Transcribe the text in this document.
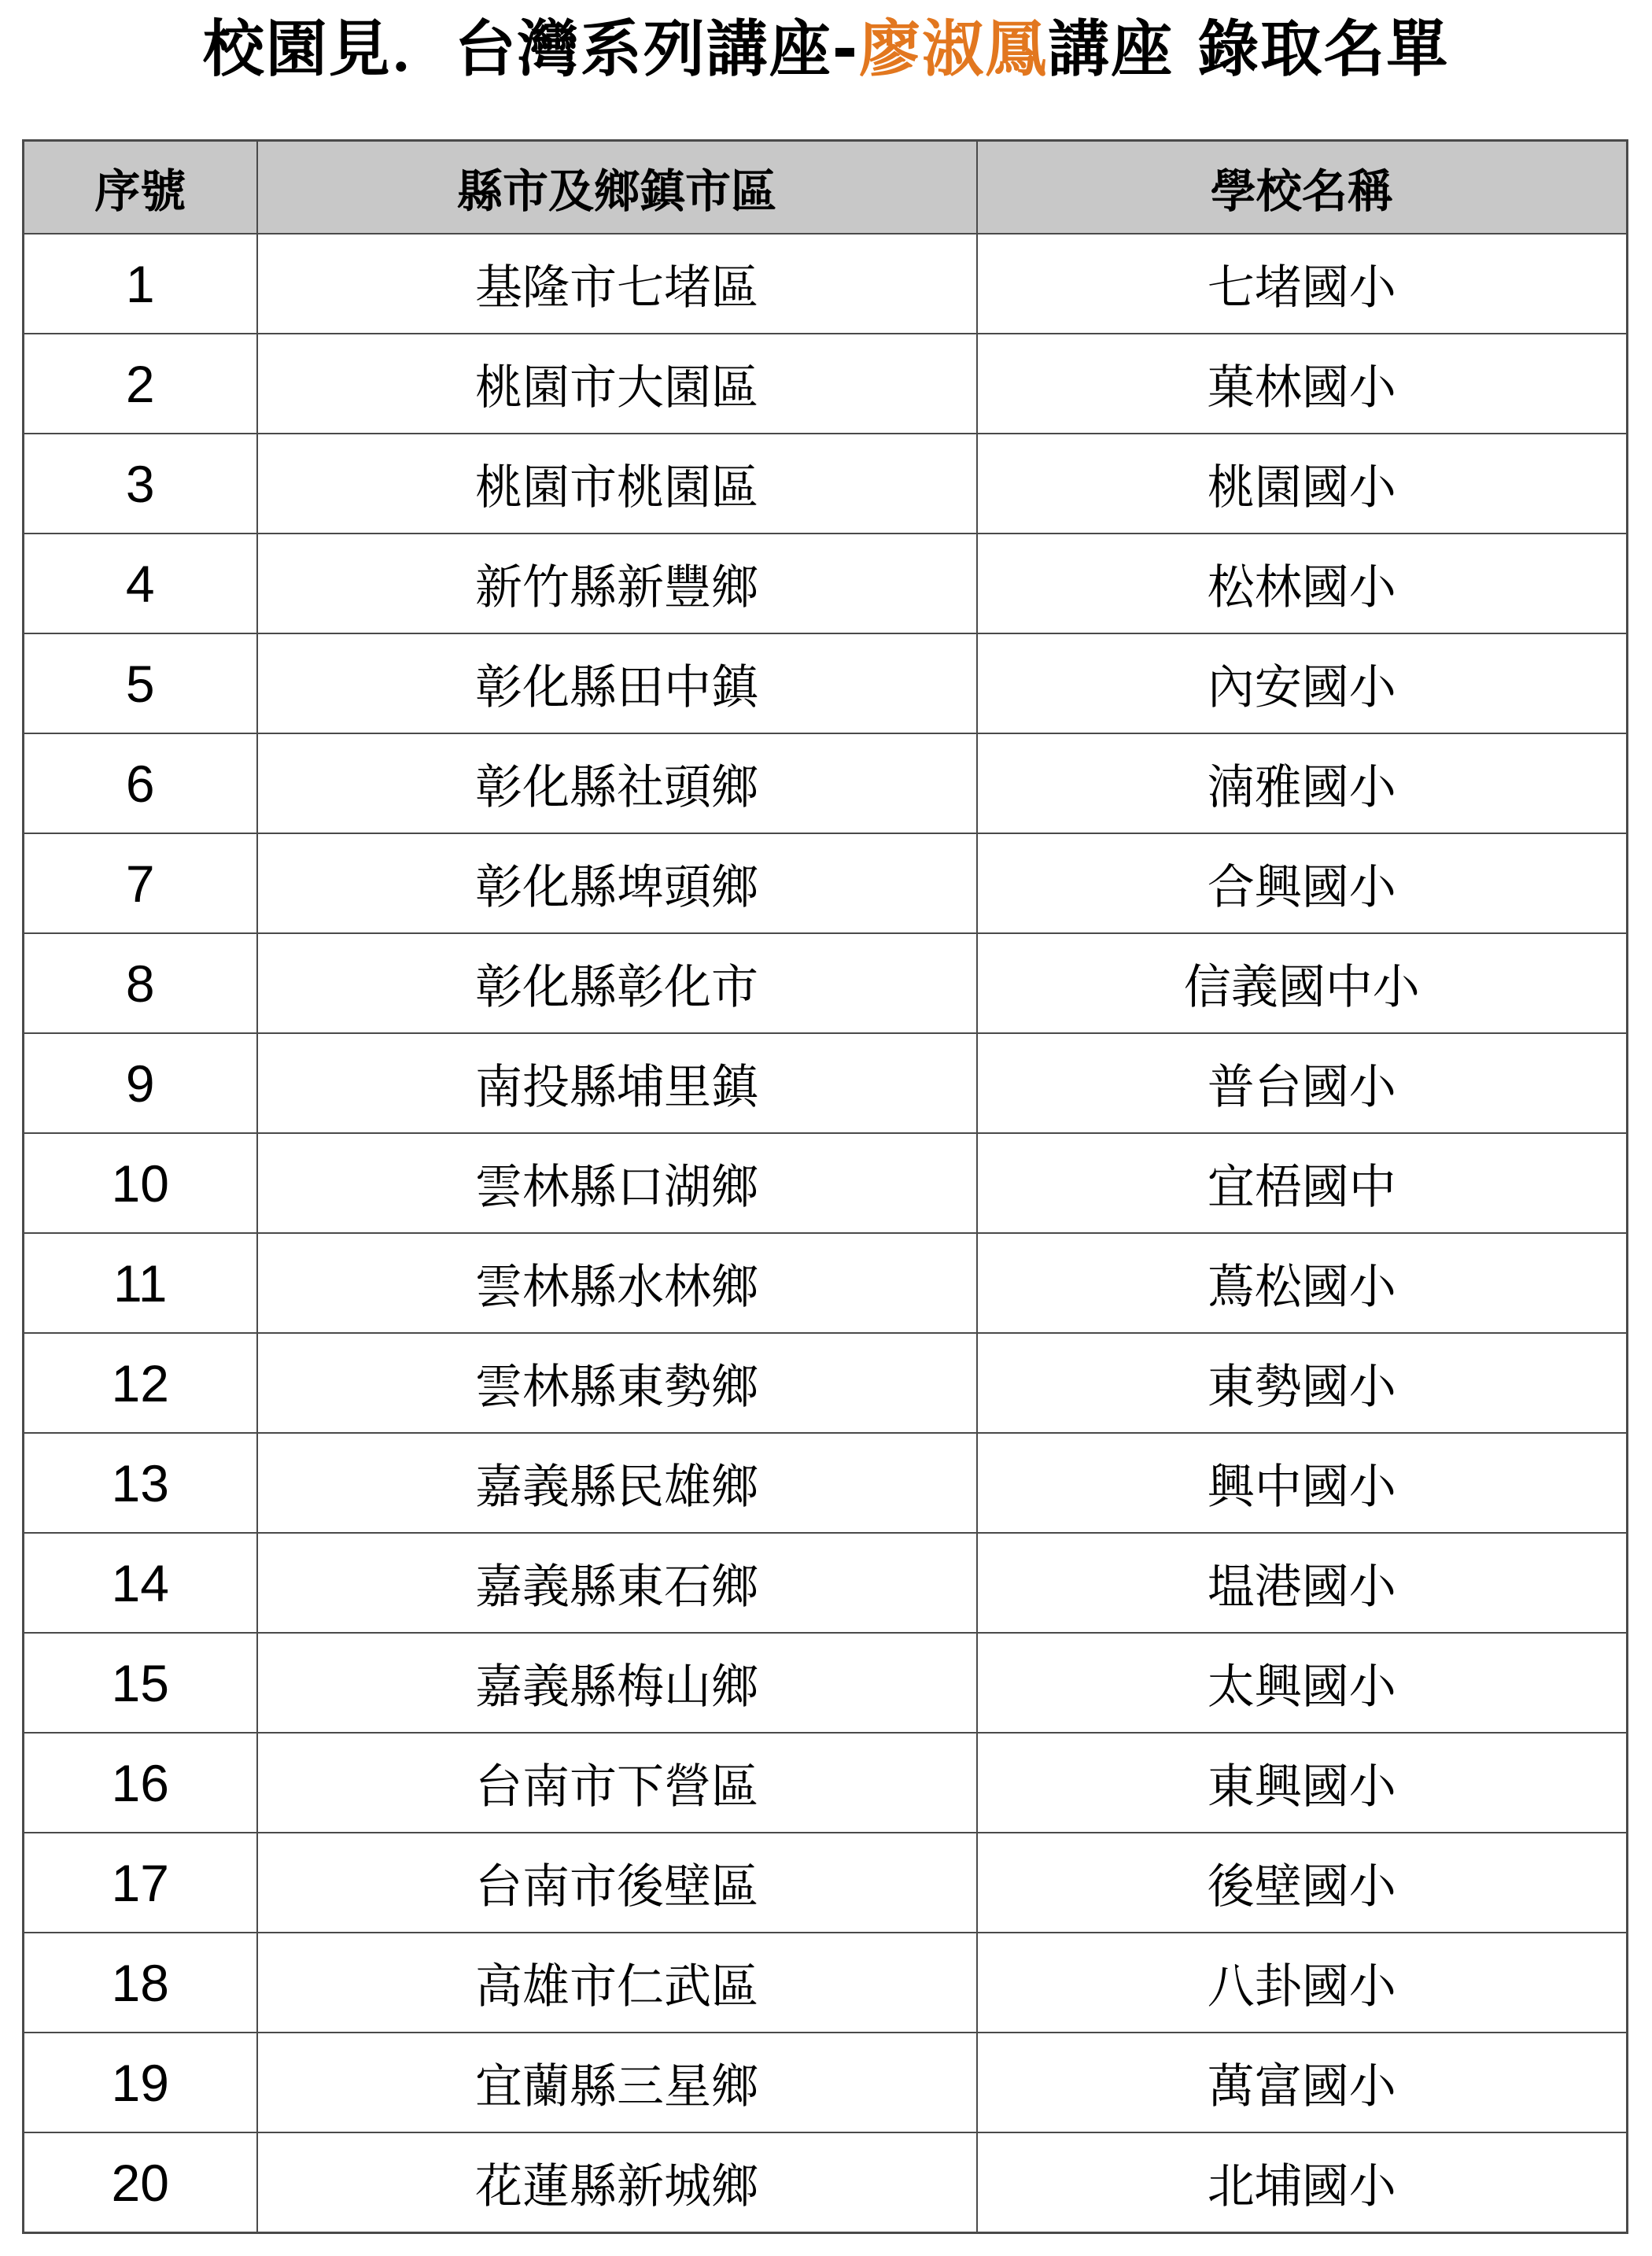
校園見．台灣系列講座-廖淑鳳講座 錄取名單
序號	縣市及鄉鎮市區	學校名稱
1	基隆市七堵區	七堵國小
2	桃園市大園區	菓林國小
3	桃園市桃園區	桃園國小
4	新竹縣新豐鄉	松林國小
5	彰化縣田中鎮	內安國小
6	彰化縣社頭鄉	湳雅國小
7	彰化縣埤頭鄉	合興國小
8	彰化縣彰化市	信義國中小
9	南投縣埔里鎮	普台國小
10	雲林縣口湖鄉	宜梧國中
11	雲林縣水林鄉	蔦松國小
12	雲林縣東勢鄉	東勢國小
13	嘉義縣民雄鄉	興中國小
14	嘉義縣東石鄉	塭港國小
15	嘉義縣梅山鄉	太興國小
16	台南市下營區	東興國小
17	台南市後壁區	後壁國小
18	高雄市仁武區	八卦國小
19	宜蘭縣三星鄉	萬富國小
20	花蓮縣新城鄉	北埔國小
